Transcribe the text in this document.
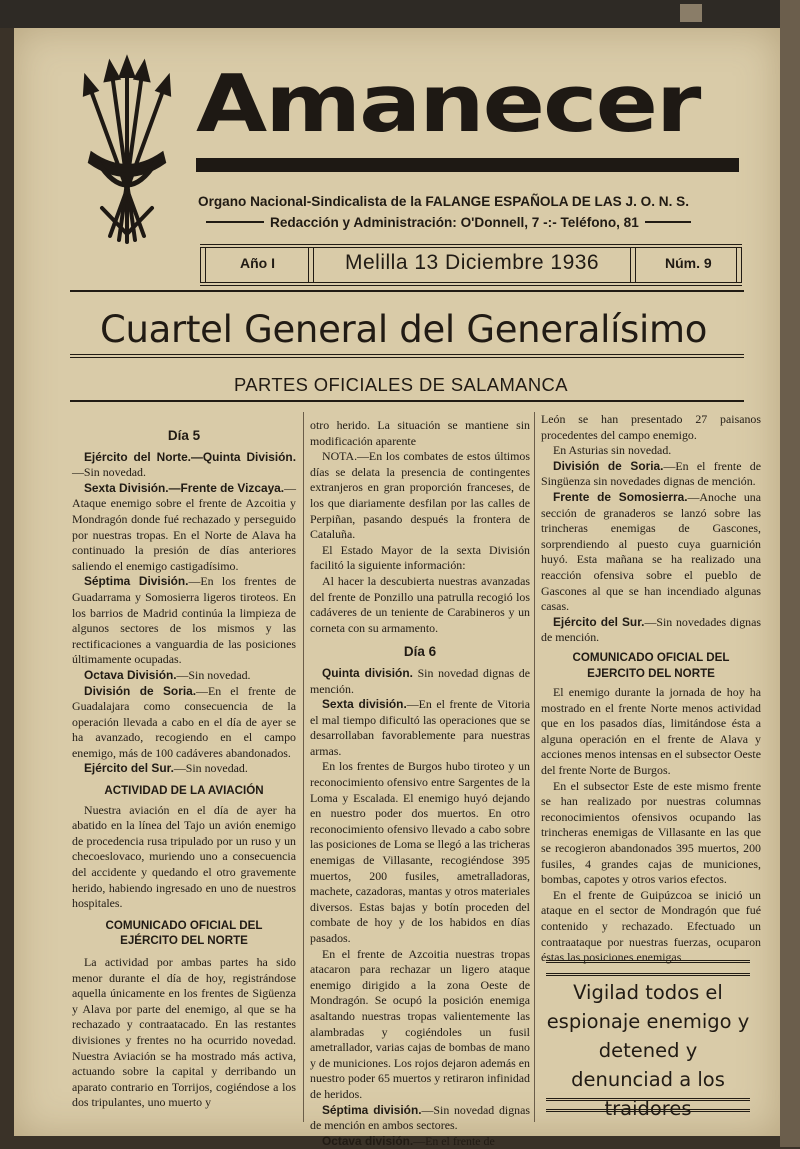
Amanecer
Organo Nacional-Sindicalista de la FALANGE ESPAÑOLA DE LAS J. O. N. S.
Redacción y Administración: O'Donnell, 7 -:- Teléfono, 81
Año I	Melilla 13 Diciembre 1936	Núm. 9
Cuartel General del Generalísimo
PARTES OFICIALES DE SALAMANCA

Día 5

Ejército del Norte.—Quinta División.—Sin novedad.

Sexta División.—Frente de Vizcaya.—Ataque enemigo sobre el frente de Azcoitia y Mondragón donde fué rechazado y perseguido por nuestras tropas. En el Norte de Alava ha continuado la presión de días anteriores saliendo el enemigo castigadísimo.

Séptima División.—En los frentes de Guadarrama y Somosierra ligeros tiroteos. En los barrios de Madrid continúa la limpieza de algunos sectores de los mismos y las rectificaciones a vanguardia de las posiciones últimamente ocupadas.

Octava División.—Sin novedad.

División de Soria.—En el frente de Guadalajara como consecuencia de la operación llevada a cabo en el día de ayer se ha avanzado, recogiendo en el campo enemigo, más de 100 cadáveres abandonados.

Ejército del Sur.—Sin novedad.

ACTIVIDAD DE LA AVIACIÓN

Nuestra aviación en el día de ayer ha abatido en la línea del Tajo un avión enemigo de procedencia rusa tripulado por un ruso y un checoeslovaco, muriendo uno a consecuencia del accidente y quedando el otro gravemente herido, habiendo ingresado en uno de nuestros hospitales.

COMUNICADO OFICIAL DEL EJÉRCITO DEL NORTE

La actividad por ambas partes ha sido menor durante el día de hoy, registrándose aquella únicamente en los frentes de Sigüenza y Alava por parte del enemigo, al que se ha rechazado y contraatacado. En las restantes divisiones y frentes no ha ocurrido novedad. Nuestra Aviación se ha mostrado más activa, actuando sobre la capital y derribando un aparato contrario en Torrijos, cogiéndose a los dos tripulantes, uno muerto y

otro herido. La situación se mantiene sin modificación aparente

NOTA.—En los combates de estos últimos días se delata la presencia de contingentes extranjeros en gran proporción franceses, de los que diariamente desfilan por las calles de Perpiñan, pasando después la frontera de Cataluña.

El Estado Mayor de la sexta División facilitó la siguiente información:

Al hacer la descubierta nuestras avanzadas del frente de Ponzillo una patrulla recogió los cadáveres de un teniente de Carabineros y un corneta con su armamento.

Día 6

Quinta división. Sin novedad dignas de mención.

Sexta división.—En el frente de Vitoria el mal tiempo dificultó las operaciones que se desarrollaban favorablemente para nuestras armas.

En los frentes de Burgos hubo tiroteo y un reconocimiento ofensivo entre Sargentes de la Loma y Escalada. El enemigo huyó dejando en nuestro poder dos muertos. En otro reconocimiento ofensivo llevado a cabo sobre las posiciones de Loma se llegó a las tricheras enemigas de Villasante, recogiéndose 395 muertos, 200 fusiles, ametralladoras, machete, cazadoras, mantas y otros materiales diversos. Estas bajas y botín proceden del combate de hoy y de los habidos en días pasados.

En el frente de Azcoitia nuestras tropas atacaron para rechazar un ligero ataque enemigo dirigido a la zona Oeste de Mondragón. Se ocupó la posición enemiga asaltando nuestras tropas valientemente las alambradas y cogiéndoles un fusil ametrallador, varias cajas de bombas de mano y de municiones. Los rojos dejaron además en nuestro poder 65 muertos y retiraron infinidad de heridos.

Séptima división.—Sin novedad dignas de mención en ambos sectores.

Octava división.—En el frente de

León se han presentado 27 paisanos procedentes del campo enemigo.

En Asturias sin novedad.

División de Soria.—En el frente de Singüenza sin novedades dignas de mención.

Frente de Somosierra.—Anoche una sección de granaderos se lanzó sobre las trincheras enemigas de Gascones, sorprendiendo al puesto cuya guarnición huyó. Esta mañana se ha realizado una reacción ofensiva sobre el pueblo de Gascones al que se han incendiado algunas casas.

Ejército del Sur.—Sin novedades dignas de mención.

COMUNICADO OFICIAL DEL EJERCITO DEL NORTE

El enemigo durante la jornada de hoy ha mostrado en el frente Norte menos actividad que en los pasados días, limitándose ésta a alguna operación en el frente de Alava y acciones menos intensas en el subsector Oeste del frente Norte de Burgos.

En el subsector Este de este mismo frente se han realizado por nuestras columnas reconocimientos ofensivos ocupando las trincheras enemigas de Villasante en las que se recogieron abandonados 395 muertos, 200 fusiles, 4 grandes cajas de municiones, bombas, capotes y otros varios efectos.

En el frente de Guipúzcoa se inició un ataque en el sector de Mondragón que fué contenido y rechazado. Efectuado un contraataque por nuestras fuerzas, ocuparon éstas las posiciones enemigas

Vigilad todos el espionaje enemigo y detened y denunciad a los traidores
